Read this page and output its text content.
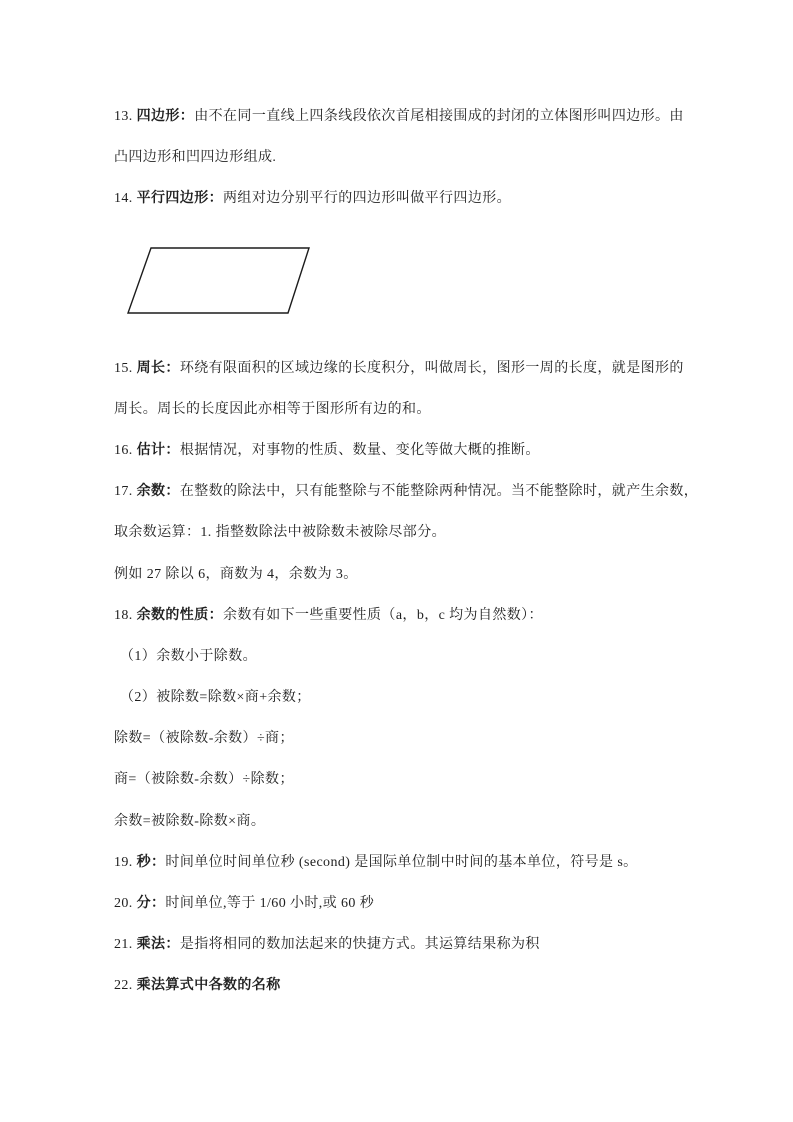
13. 四边形：由不在同一直线上四条线段依次首尾相接围成的封闭的立体图形叫四边形。由
凸四边形和凹四边形组成.
14. 平行四边形：两组对边分别平行的四边形叫做平行四边形。
15. 周长：环绕有限面积的区域边缘的长度积分，叫做周长，图形一周的长度，就是图形的
周长。周长的长度因此亦相等于图形所有边的和。
16. 估计：根据情况，对事物的性质、数量、变化等做大概的推断。
17. 余数：在整数的除法中，只有能整除与不能整除两种情况。当不能整除时，就产生余数，
取余数运算：1. 指整数除法中被除数未被除尽部分。
例如 27 除以 6，商数为 4，余数为 3。
18. 余数的性质：余数有如下一些重要性质（a，b，c 均为自然数）：
（1）余数小于除数。
（2）被除数=除数×商+余数；
除数=（被除数-余数）÷商；
商=（被除数-余数）÷除数；
余数=被除数-除数×商。
19. 秒：时间单位时间单位秒 (second) 是国际单位制中时间的基本单位，符号是 s。
20. 分：时间单位,等于 1/60 小时,或 60 秒
21. 乘法：是指将相同的数加法起来的快捷方式。其运算结果称为积
22. 乘法算式中各数的名称
